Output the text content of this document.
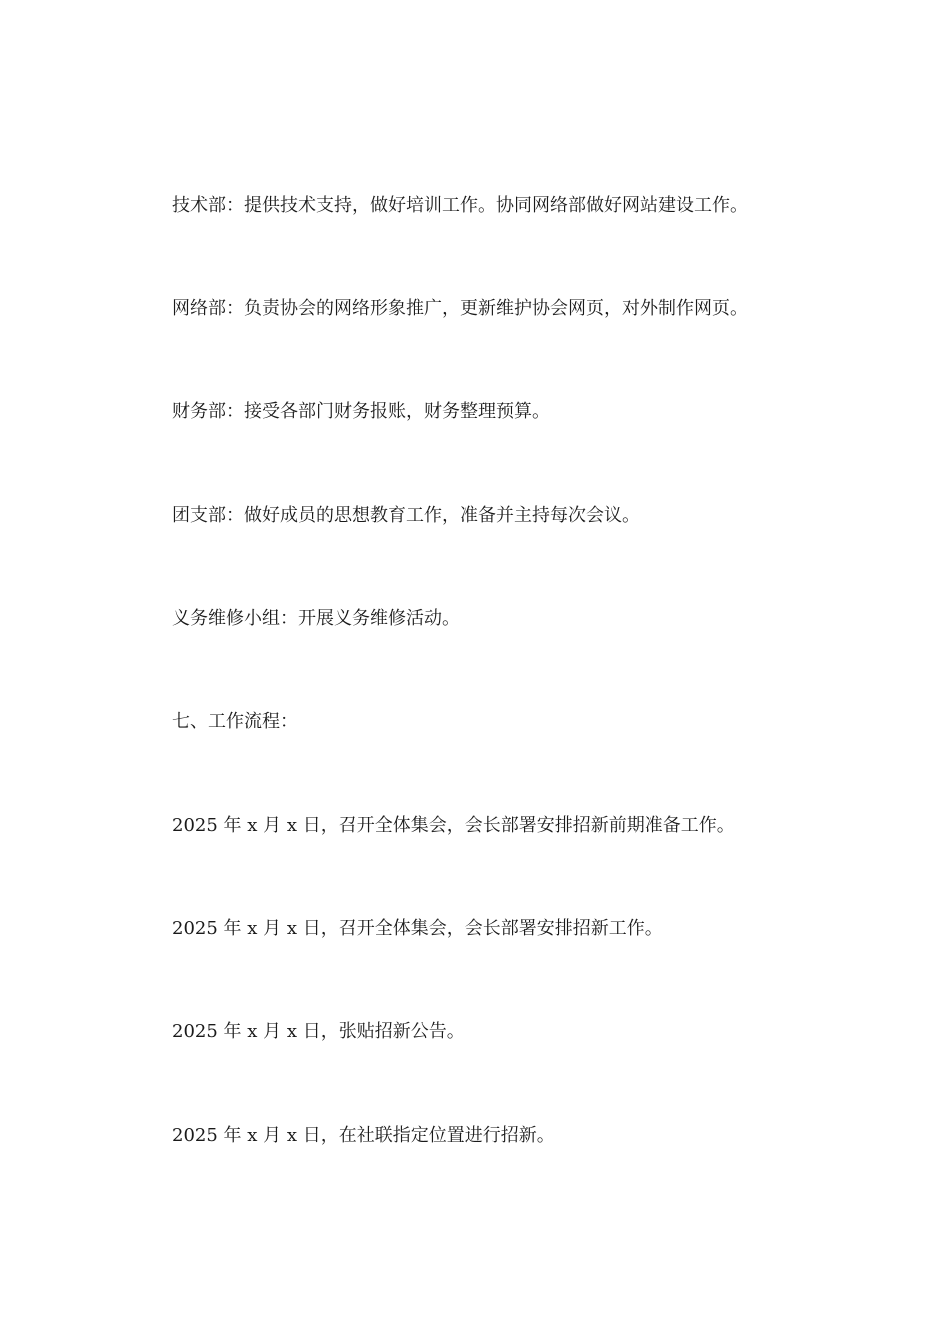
技术部：提供技术支持，做好培训工作。协同网络部做好网站建设工作。

网络部：负责协会的网络形象推广，更新维护协会网页，对外制作网页。

财务部：接受各部门财务报账，财务整理预算。

团支部：做好成员的思想教育工作，准备并主持每次会议。

义务维修小组：开展义务维修活动。

七、工作流程：

2025 年 x 月 x 日，召开全体集会，会长部署安排招新前期准备工作。

2025 年 x 月 x 日，召开全体集会，会长部署安排招新工作。

2025 年 x 月 x 日，张贴招新公告。

2025 年 x 月 x 日，在社联指定位置进行招新。
